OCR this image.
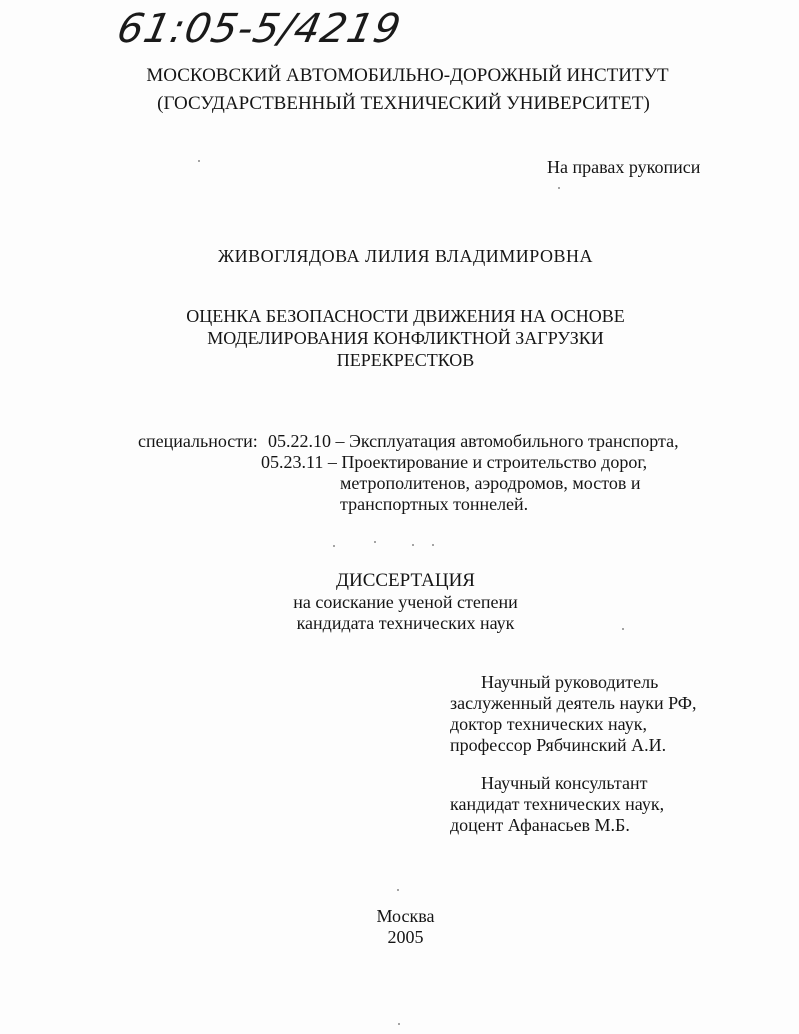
61:05-5/4219
МОСКОВСКИЙ АВТОМОБИЛЬНО-ДОРОЖНЫЙ ИНСТИТУТ
(ГОСУДАРСТВЕННЫЙ ТЕХНИЧЕСКИЙ УНИВЕРСИТЕТ)
На правах рукописи
ЖИВОГЛЯДОВА ЛИЛИЯ ВЛАДИМИРОВНА
ОЦЕНКА БЕЗОПАСНОСТИ ДВИЖЕНИЯ НА ОСНОВЕ
МОДЕЛИРОВАНИЯ КОНФЛИКТНОЙ ЗАГРУЗКИ
ПЕРЕКРЕСТКОВ
специальности: 05.22.10 – Эксплуатация автомобильного транспорта,
05.23.11 – Проектирование и строительство дорог,
метрополитенов, аэродромов, мостов и
транспортных тоннелей.
ДИССЕРТАЦИЯ
на соискание ученой степени
кандидата технических наук
Научный руководитель
заслуженный деятель науки РФ,
доктор технических наук,
профессор Рябчинский А.И.
Научный консультант
кандидат технических наук,
доцент Афанасьев М.Б.
Москва
2005
